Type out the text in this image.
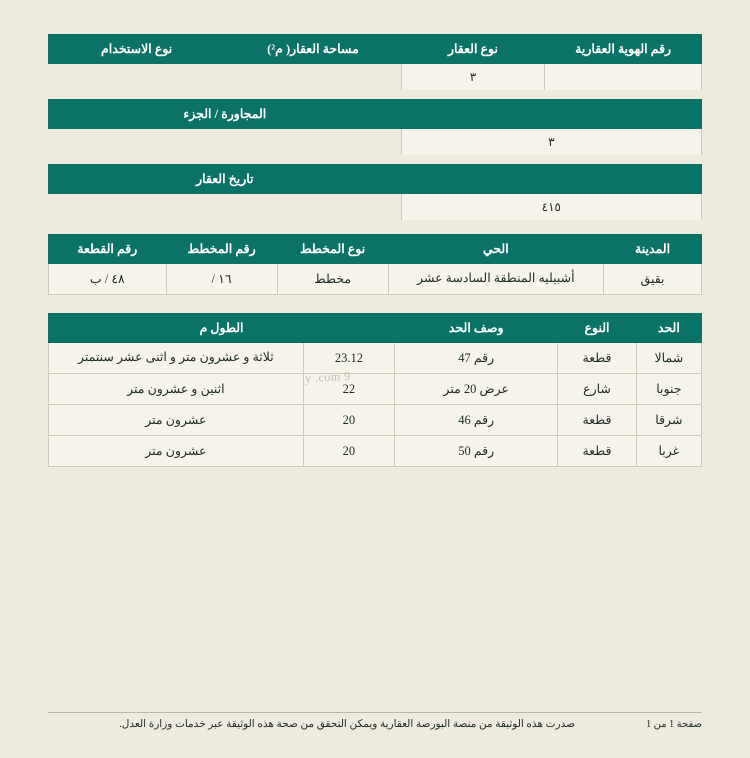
رقم الهوية العقارية	نوع العقار	مساحة العقار( م²)	نوع الاستخدام
	٣		
	المجاورة / الجزء
٣	
	تاريخ العقار
٤١٥	
المدينة	الحي	نوع المخطط	رقم المخطط	رقم القطعة
بقيق	أشبيليه المنطقة السادسة عشر	مخطط	١٦ /	٤٨ / ب
الحد	النوع	وصف الحد	الطول م	
شمالا	قطعة	رقم 47	23.12	ثلاثة و عشرون متر و اثنى عشر سنتمتر
جنوبا	شارع	عرض 20 متر	22	اثنين و عشرون متر
شرقا	قطعة	رقم 46	20	عشرون متر
غربا	قطعة	رقم 50	20	عشرون متر
y .com 9
صفحة 1 من 1
صدرت هذه الوثيقة من منصة البورصة العقارية ويمكن التحقق من صحة هذه الوثيقة عبر خدمات وزارة العدل.
